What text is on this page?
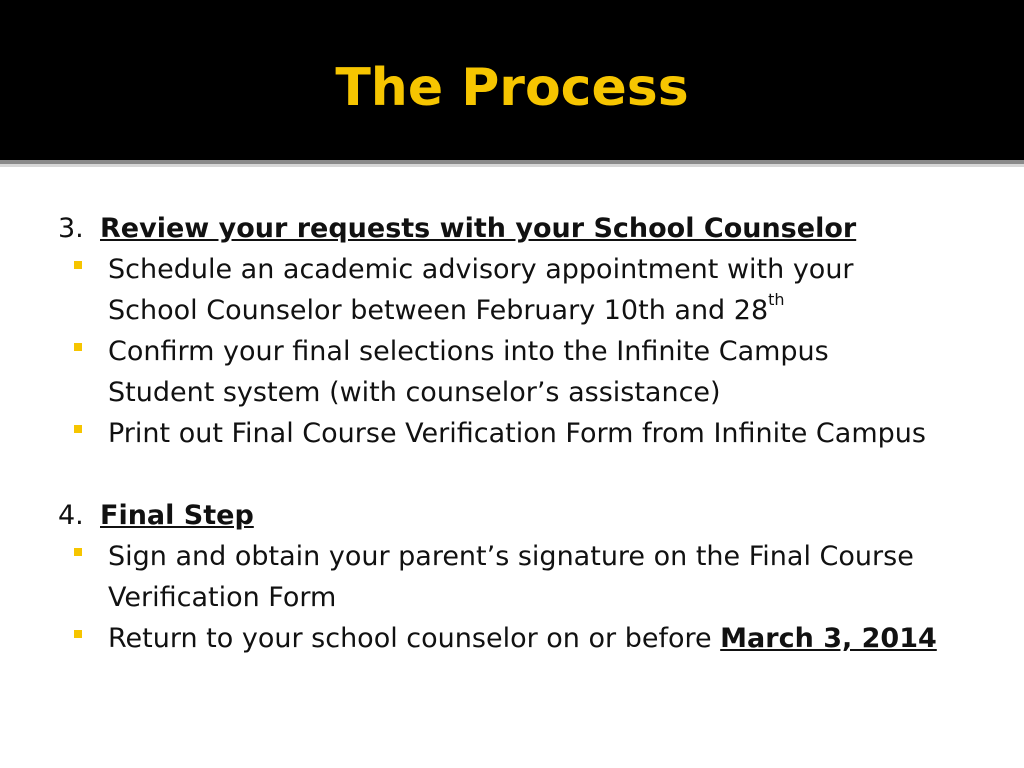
The Process
3. Review your requests with your School Counselor
Schedule an academic advisory appointment with your
School Counselor between February 10th and 28th
Confirm your final selections into the Infinite Campus
Student system (with counselor’s assistance)
Print out Final Course Verification Form from Infinite Campus
4. Final Step
Sign and obtain your parent’s signature on the Final Course
Verification Form
Return to your school counselor on or before March 3, 2014
